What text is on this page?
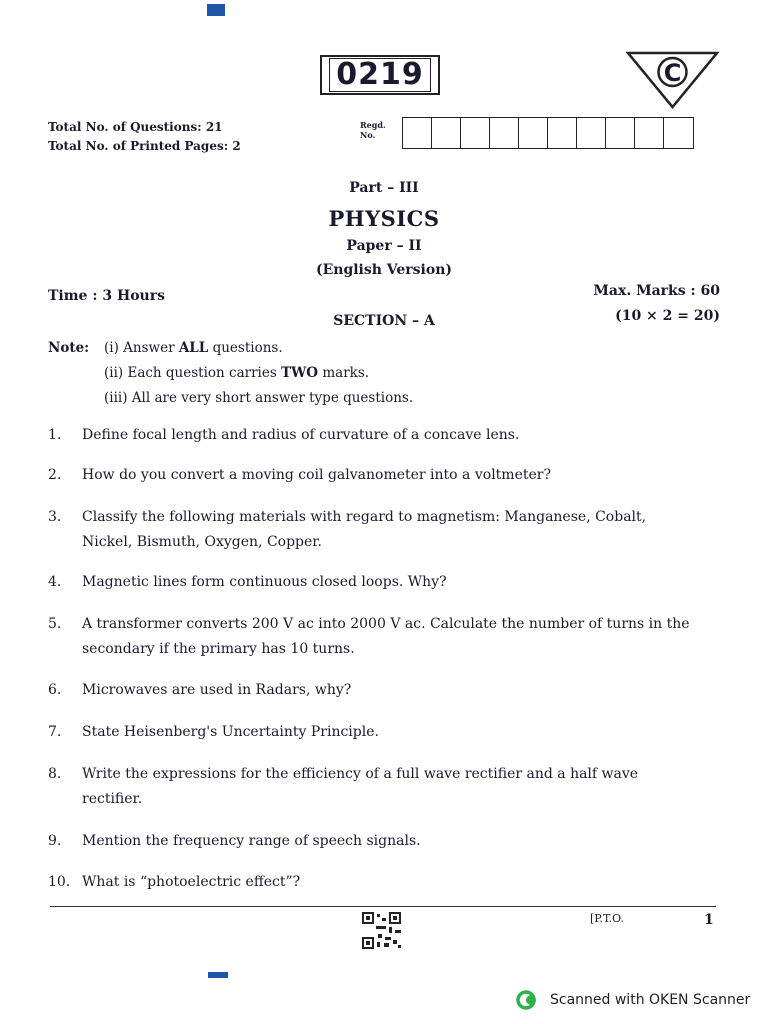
0219	C
Total No. of Questions: 21
Total No. of Printed Pages: 2
Regd.
No.
Part – III
PHYSICS
Paper – II
(English Version)
Time : 3 Hours	Max. Marks : 60
SECTION – A	(10 × 2 = 20)
Note: (i) Answer ALL questions.
(ii) Each question carries TWO marks.
(iii) All are very short answer type questions.
1.	Define focal length and radius of curvature of a concave lens.
2.	How do you convert a moving coil galvanometer into a voltmeter?
3.	Classify the following materials with regard to magnetism: Manganese, Cobalt, Nickel, Bismuth, Oxygen, Copper.
4.	Magnetic lines form continuous closed loops. Why?
5.	A transformer converts 200 V ac into 2000 V ac. Calculate the number of turns in the secondary if the primary has 10 turns.
6.	Microwaves are used in Radars, why?
7.	State Heisenberg's Uncertainty Principle.
8.	Write the expressions for the efficiency of a full wave rectifier and a half wave rectifier.
9.	Mention the frequency range of speech signals.
10. What is “photoelectric effect”?
[P.T.O.	1
Scanned with OKEN Scanner
